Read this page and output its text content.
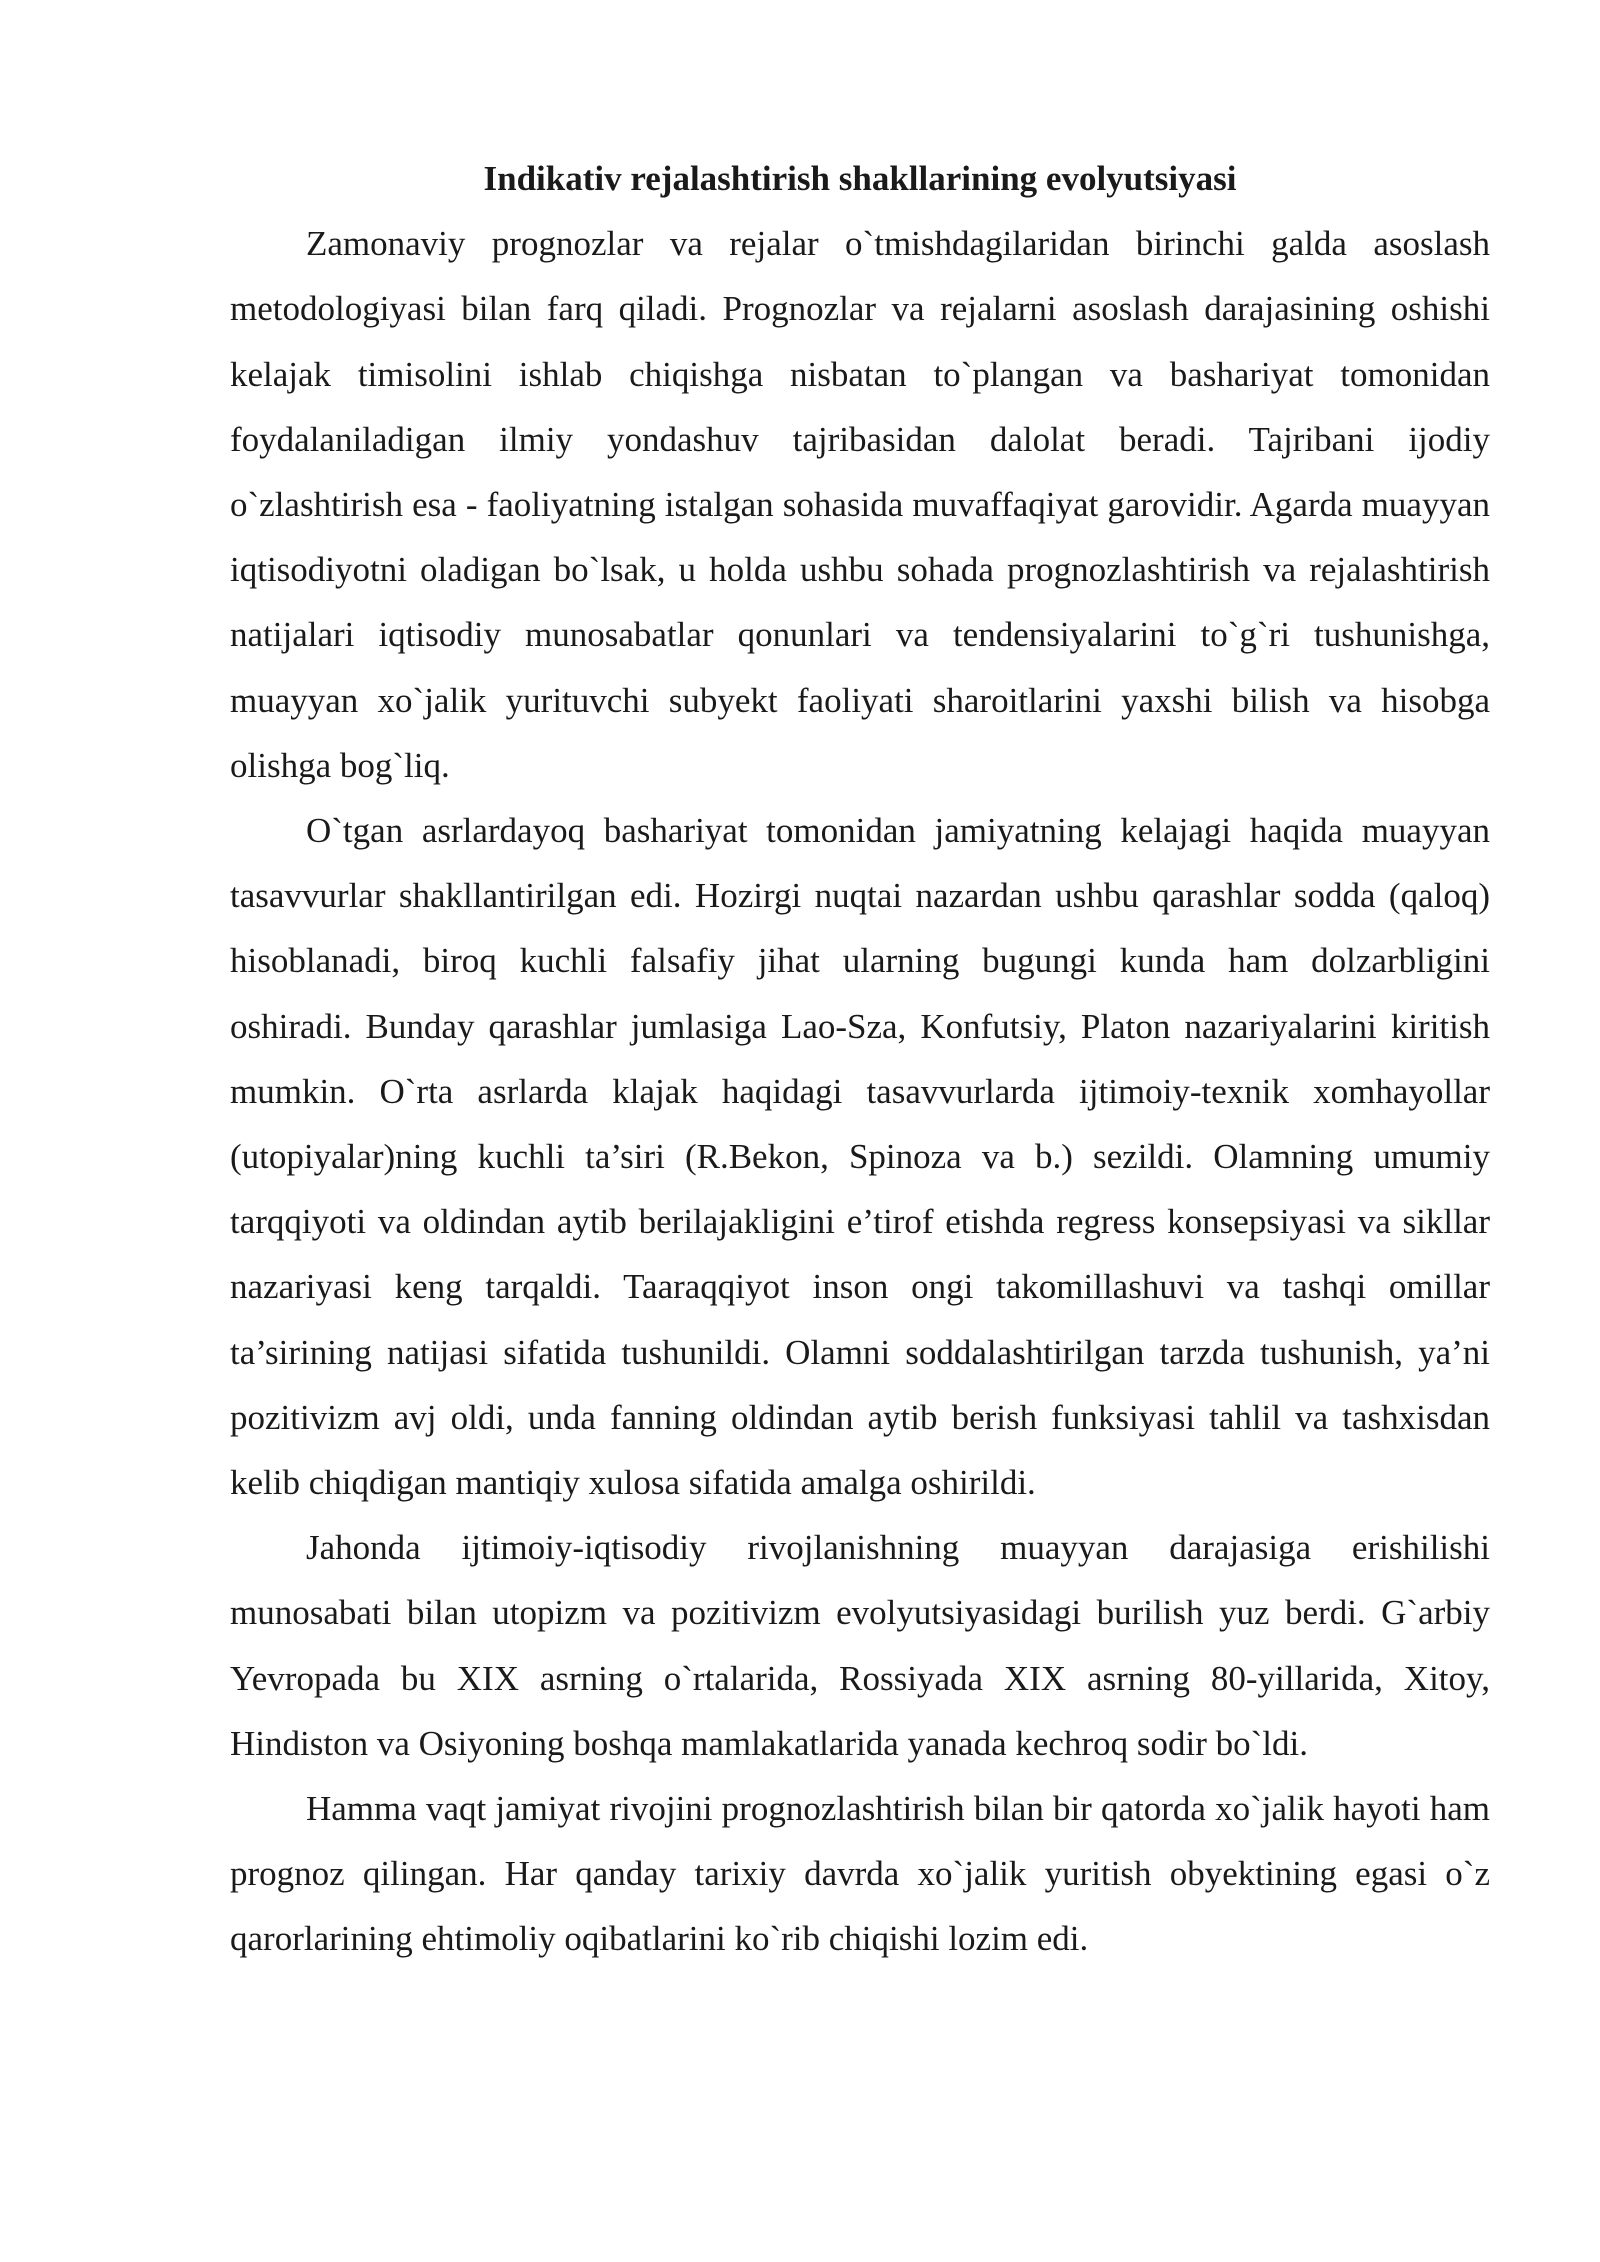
Indikativ rejalashtirish shakllarining evolyutsiyasi

Zamonaviy prognozlar va rejalar o`tmishdagilaridan birinchi galda asoslash metodologiyasi bilan farq qiladi. Prognozlar va rejalarni asoslash darajasining oshishi kelajak timisolini ishlab chiqishga nisbatan to`plangan va bashariyat tomonidan foydalaniladigan ilmiy yondashuv tajribasidan dalolat beradi. Tajribani ijodiy o`zlashtirish esa - faoliyatning istalgan sohasida muvaffaqiyat garovidir. Agarda muayyan iqtisodiyotni oladigan bo`lsak, u holda ushbu sohada prognozlashtirish va rejalashtirish natijalari iqtisodiy munosabatlar qonunlari va tendensiyalarini to`g`ri tushunishga, muayyan xo`jalik yurituvchi subyekt faoliyati sharoitlarini yaxshi bilish va hisobga olishga bog`liq.

O`tgan asrlardayoq bashariyat tomonidan jamiyatning kelajagi haqida muayyan tasavvurlar shakllantirilgan edi. Hozirgi nuqtai nazardan ushbu qarashlar sodda (qaloq) hisoblanadi, biroq kuchli falsafiy jihat ularning bugungi kunda ham dolzarbligini oshiradi. Bunday qarashlar jumlasiga Lao-Sza, Konfutsiy, Platon nazariyalarini kiritish mumkin. O`rta asrlarda klajak haqidagi tasavvurlarda ijtimoiy-texnik xomhayollar (utopiyalar)ning kuchli ta’siri (R.Bekon, Spinoza va b.) sezildi. Olamning umumiy tarqqiyoti va oldindan aytib berilajakligini e’tirof etishda regress konsepsiyasi va sikllar nazariyasi keng tarqaldi. Taaraqqiyot inson ongi takomillashuvi va tashqi omillar ta’sirining natijasi sifatida tushunildi. Olamni soddalashtirilgan tarzda tushunish, ya’ni pozitivizm avj oldi, unda fanning oldindan aytib berish funksiyasi tahlil va tashxisdan kelib chiqdigan mantiqiy xulosa sifatida amalga oshirildi.

Jahonda ijtimoiy-iqtisodiy rivojlanishning muayyan darajasiga erishilishi munosabati bilan utopizm va pozitivizm evolyutsiyasidagi burilish yuz berdi. G`arbiy Yevropada bu XIX asrning o`rtalarida, Rossiyada XIX asrning 80-yillarida, Xitoy, Hindiston va Osiyoning boshqa mamlakatlarida yanada kechroq sodir bo`ldi.

Hamma vaqt jamiyat rivojini prognozlashtirish bilan bir qatorda xo`jalik hayoti ham prognoz qilingan. Har qanday tarixiy davrda xo`jalik yuritish obyektining egasi o`z qarorlarining ehtimoliy oqibatlarini ko`rib chiqishi lozim edi.
